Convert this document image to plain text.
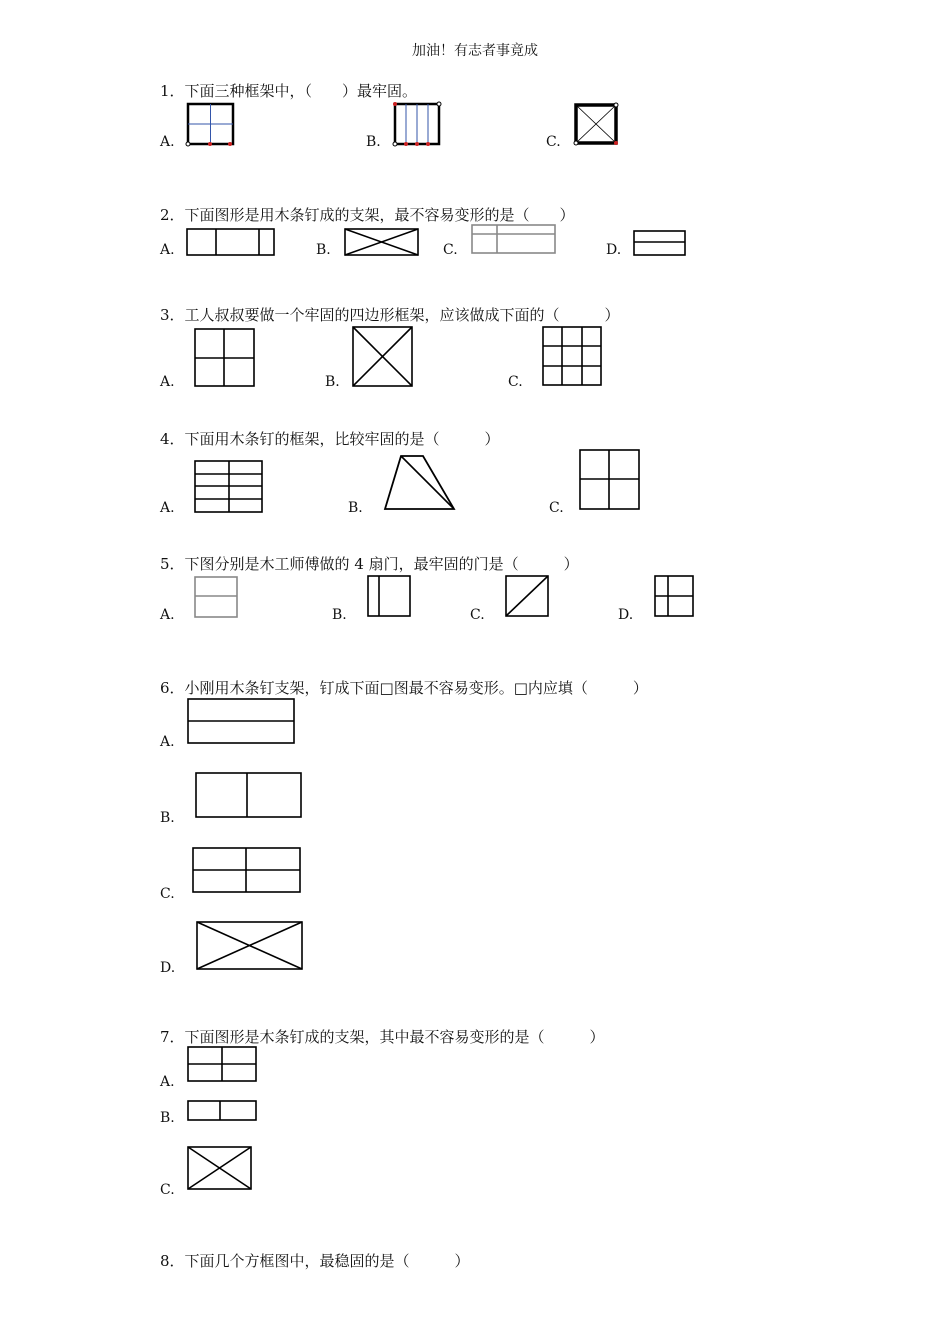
加油！有志者事竟成
1．下面三种框架中，（　　）最牢固。
A.	B.	C.
2．下面图形是用木条钉成的支架，最不容易变形的是（　　）
A.	B.	C.	D.
3．工人叔叔要做一个牢固的四边形框架，应该做成下面的（　　　）
A.	B.	C.
4．下面用木条钉的框架，比较牢固的是（　　　）
A.	B.	C.
5．下图分别是木工师傅做的 4 扇门，最牢固的门是（　　　）
A.	B.	C.	D.
6．小刚用木条钉支架，钉成下面□图最不容易变形。□内应填（　　　）
A.
B.
C.
D.
7．下面图形是木条钉成的支架，其中最不容易变形的是（　　　）
A.
B.
C.
8．下面几个方框图中，最稳固的是（　　　）
